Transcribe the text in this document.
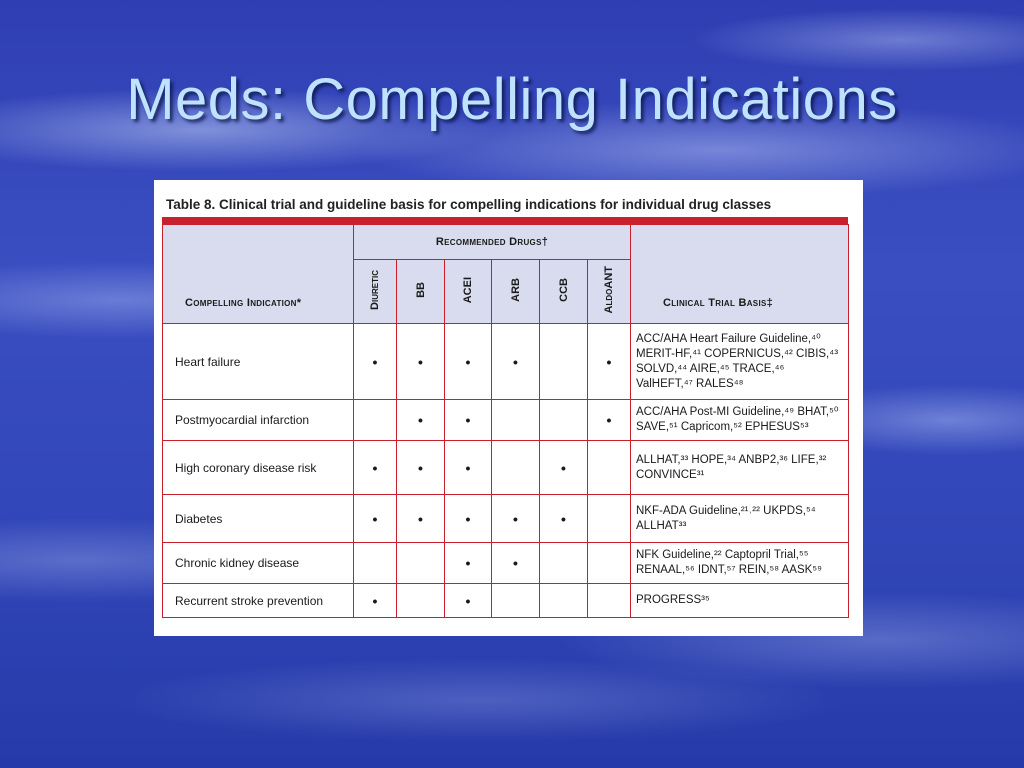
Meds: Compelling Indications
Table 8. Clinical trial and guideline basis for compelling indications for individual drug classes
Compelling Indication*	Recommended Drugs†						Clinical Trial Basis‡
	Diuretic	BB	ACEI	ARB	CCB	AldoANT	
Heart failure	•	•	•	•		•	ACC/AHA Heart Failure Guideline,⁴⁰ MERIT-HF,⁴¹ COPERNICUS,⁴² CIBIS,⁴³ SOLVD,⁴⁴ AIRE,⁴⁵ TRACE,⁴⁶ ValHEFT,⁴⁷ RALES⁴⁸
Postmyocardial infarction		•	•			•	ACC/AHA Post-MI Guideline,⁴⁹ BHAT,⁵⁰ SAVE,⁵¹ Capricom,⁵² EPHESUS⁵³
High coronary disease risk	•	•	•		•		ALLHAT,³³ HOPE,³⁴ ANBP2,³⁶ LIFE,³² CONVINCE³¹
Diabetes	•	•	•	•	•		NKF-ADA Guideline,²¹˒²² UKPDS,⁵⁴ ALLHAT³³
Chronic kidney disease			•	•			NFK Guideline,²² Captopril Trial,⁵⁵ RENAAL,⁵⁶ IDNT,⁵⁷ REIN,⁵⁸ AASK⁵⁹
Recurrent stroke prevention	•		•				PROGRESS³⁵
